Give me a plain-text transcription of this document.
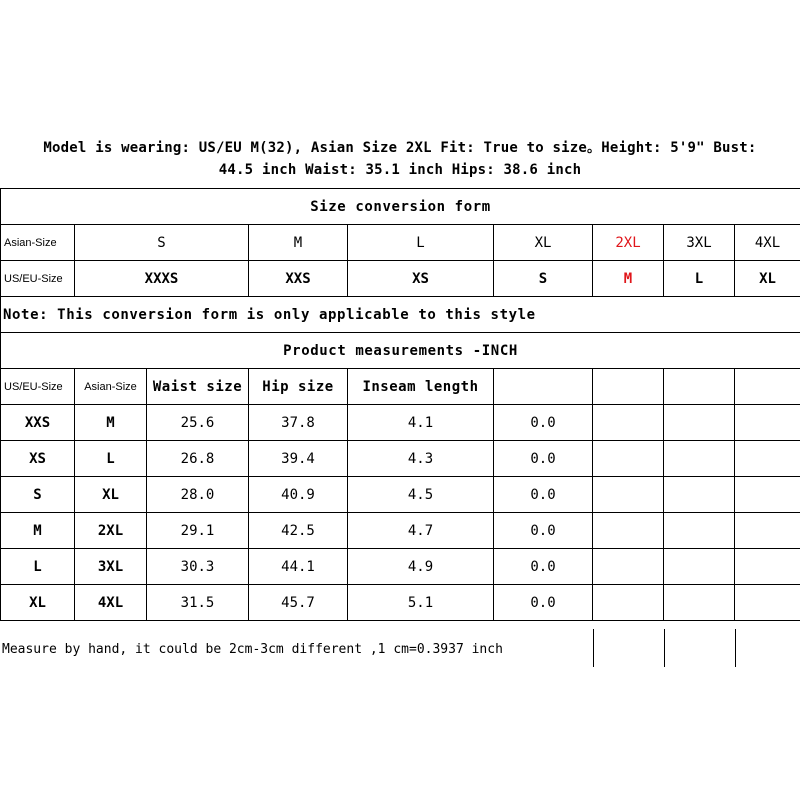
Model is wearing: US/EU M(32), Asian Size 2XL Fit: True to size。Height: 5'9" Bust:
44.5 inch Waist: 35.1 inch Hips: 38.6 inch
Size conversion form								
Asian-Size	S		M	L	XL	2XL	3XL	4XL
US/EU-Size	XXXS		XXS	XS	S	M	L	XL
Note: This conversion form is only applicable to this style								
Product measurements -INCH								
US/EU-Size	Asian-Size	Waist size	Hip size	Inseam length				
XXS	M	25.6	37.8	4.1	0.0			
XS	L	26.8	39.4	4.3	0.0			
S	XL	28.0	40.9	4.5	0.0			
M	2XL	29.1	42.5	4.7	0.0			
L	3XL	30.3	44.1	4.9	0.0			
XL	4XL	31.5	45.7	5.1	0.0			
Measure by hand, it could be 2cm-3cm different ,1 cm=0.3937 inch
